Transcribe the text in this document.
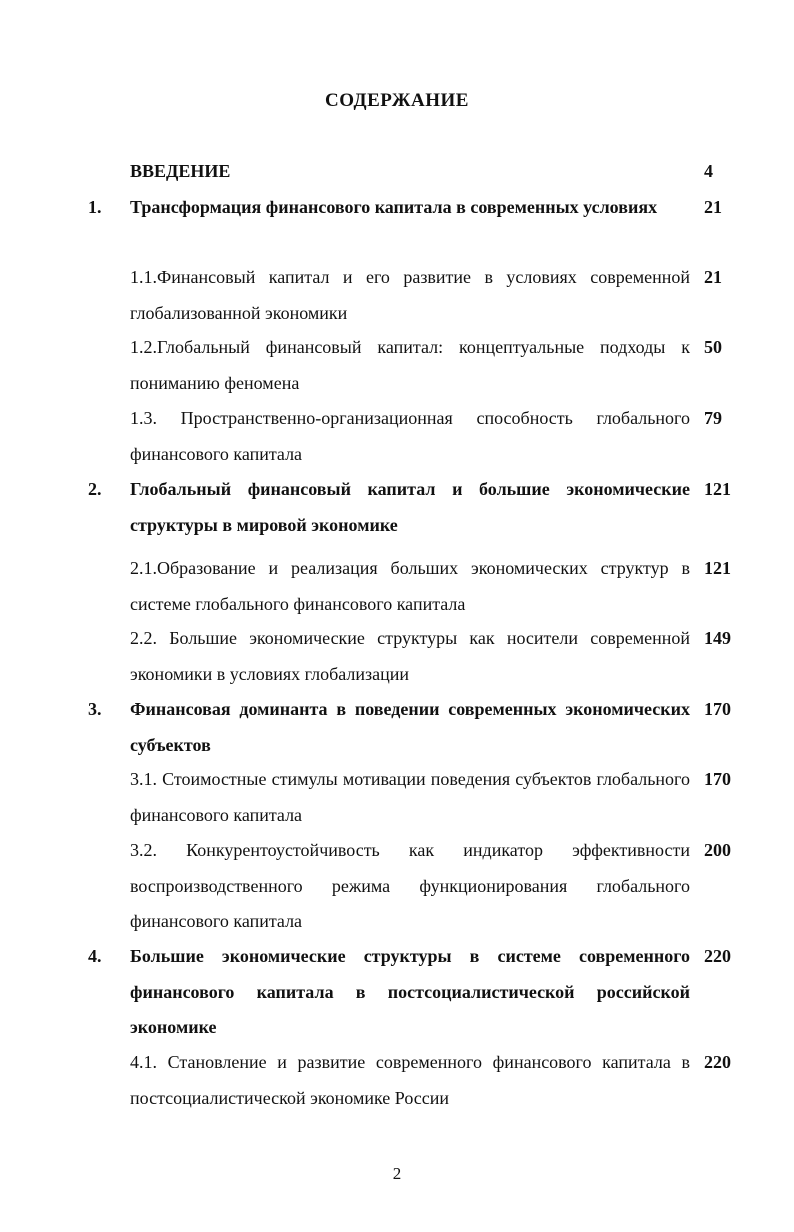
СОДЕРЖАНИЕ
ВВЕДЕНИЕ	4
1. Трансформация финансового капитала в современных условиях	21
1.1.Финансовый капитал и его развитие в условиях современной глобализованной экономики
21
1.2.Глобальный финансовый капитал: концептуальные подходы к пониманию феномена
50
1.3. Пространственно-организационная способность глобального финансового капитала
79
2. Глобальный финансовый капитал и большие экономические структуры в мировой экономике
121
2.1.Образование и реализация больших экономических структур в системе глобального финансового капитала
121
2.2. Большие экономические структуры как носители современной экономики в условиях глобализации
149
3. Финансовая доминанта в поведении современных экономических субъектов
170
3.1. Стоимостные стимулы мотивации поведения субъектов глобального финансового капитала
170
3.2. Конкурентоустойчивость как индикатор эффективности воспроизводственного режима функционирования глобального финансового капитала
200
4. Большие экономические структуры в системе современного финансового капитала в постсоциалистической российской экономике
220
4.1. Становление и развитие современного финансового капитала в постсоциалистической экономике России
220
2
